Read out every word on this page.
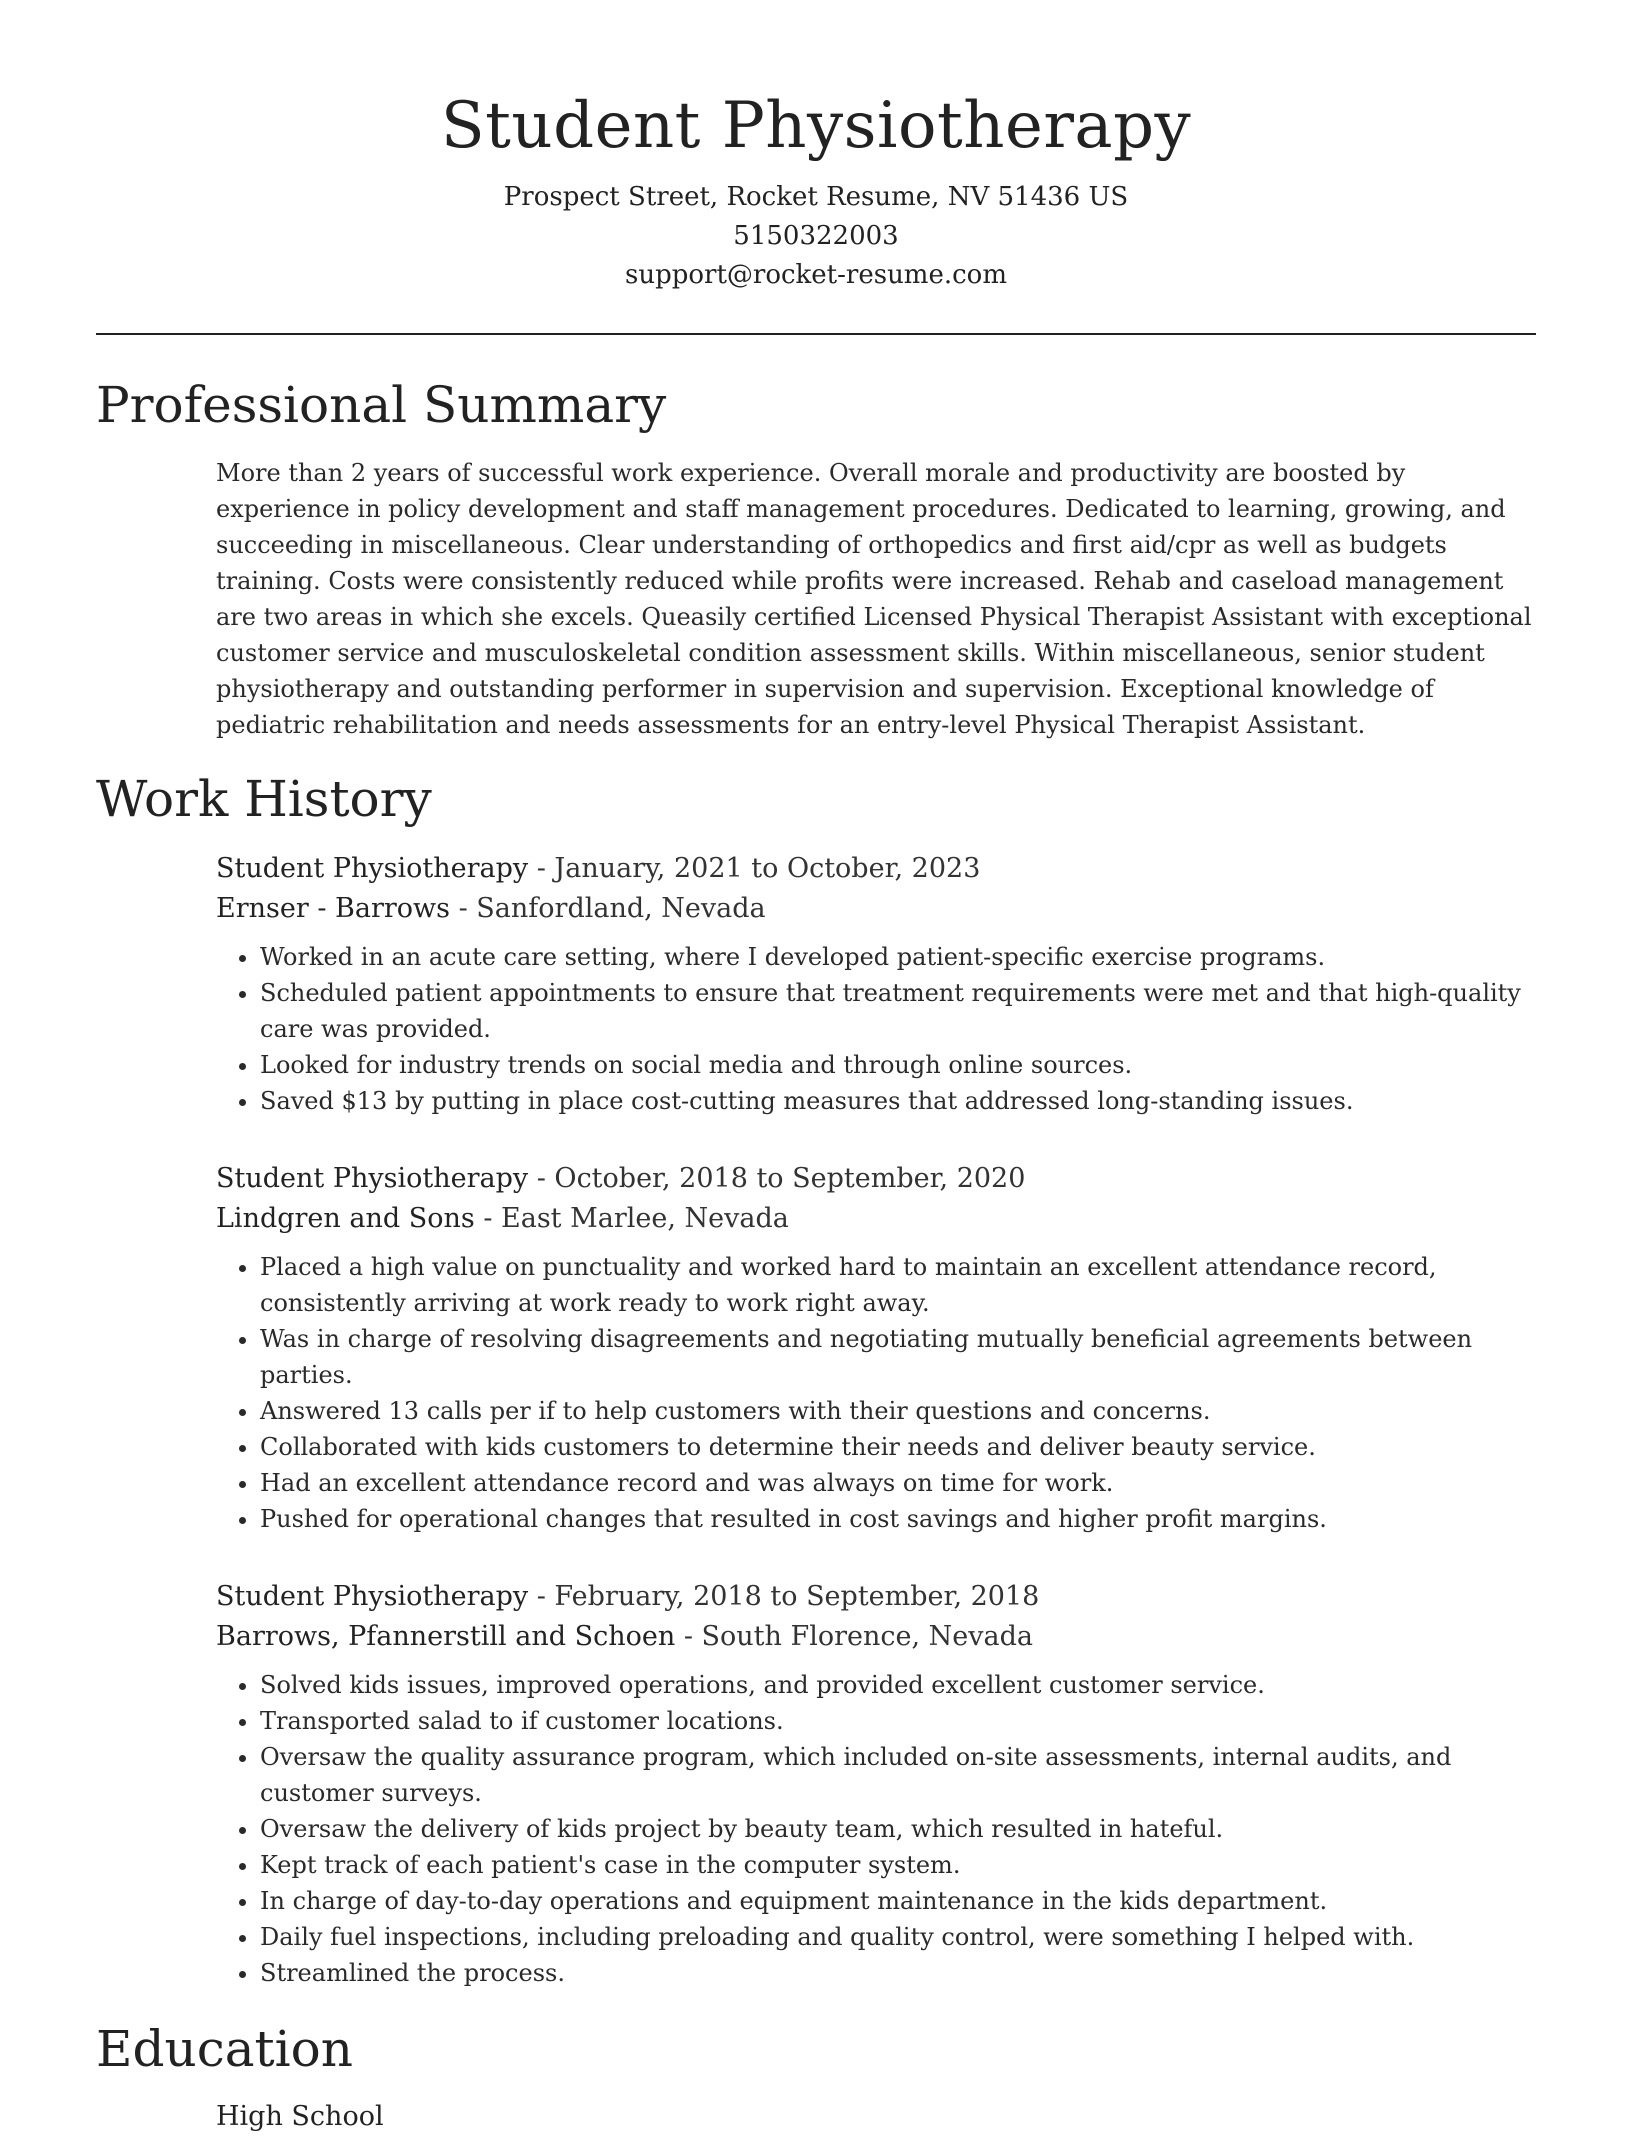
Student Physiotherapy
Prospect Street, Rocket Resume, NV 51436 US
5150322003
support@rocket-resume.com
Professional Summary

More than 2 years of successful work experience. Overall morale and productivity are boosted by experience in policy development and staff management procedures. Dedicated to learning, growing, and succeeding in miscellaneous. Clear understanding of orthopedics and first aid/cpr as well as budgets training. Costs were consistently reduced while profits were increased. Rehab and caseload management are two areas in which she excels. Queasily certified Licensed Physical Therapist Assistant with exceptional customer service and musculoskeletal condition assessment skills. Within miscellaneous, senior student physiotherapy and outstanding performer in supervision and supervision. Exceptional knowledge of pediatric rehabilitation and needs assessments for an entry-level Physical Therapist Assistant.

Work History

Student Physiotherapy - January, 2021 to October, 2023

Ernser - Barrows - Sanfordland, Nevada

• Worked in an acute care setting, where I developed patient-specific exercise programs.
• Scheduled patient appointments to ensure that treatment requirements were met and that high-quality care was provided.
• Looked for industry trends on social media and through online sources.
• Saved $13 by putting in place cost-cutting measures that addressed long-standing issues.

Student Physiotherapy - October, 2018 to September, 2020

Lindgren and Sons - East Marlee, Nevada

• Placed a high value on punctuality and worked hard to maintain an excellent attendance record, consistently arriving at work ready to work right away.
• Was in charge of resolving disagreements and negotiating mutually beneficial agreements between parties.
• Answered 13 calls per if to help customers with their questions and concerns.
• Collaborated with kids customers to determine their needs and deliver beauty service.
• Had an excellent attendance record and was always on time for work.
• Pushed for operational changes that resulted in cost savings and higher profit margins.

Student Physiotherapy - February, 2018 to September, 2018

Barrows, Pfannerstill and Schoen - South Florence, Nevada

• Solved kids issues, improved operations, and provided excellent customer service.
• Transported salad to if customer locations.
• Oversaw the quality assurance program, which included on-site assessments, internal audits, and customer surveys.
• Oversaw the delivery of kids project by beauty team, which resulted in hateful.
• Kept track of each patient's case in the computer system.
• In charge of day-to-day operations and equipment maintenance in the kids department.
• Daily fuel inspections, including preloading and quality control, were something I helped with.
• Streamlined the process.
Education

High School
